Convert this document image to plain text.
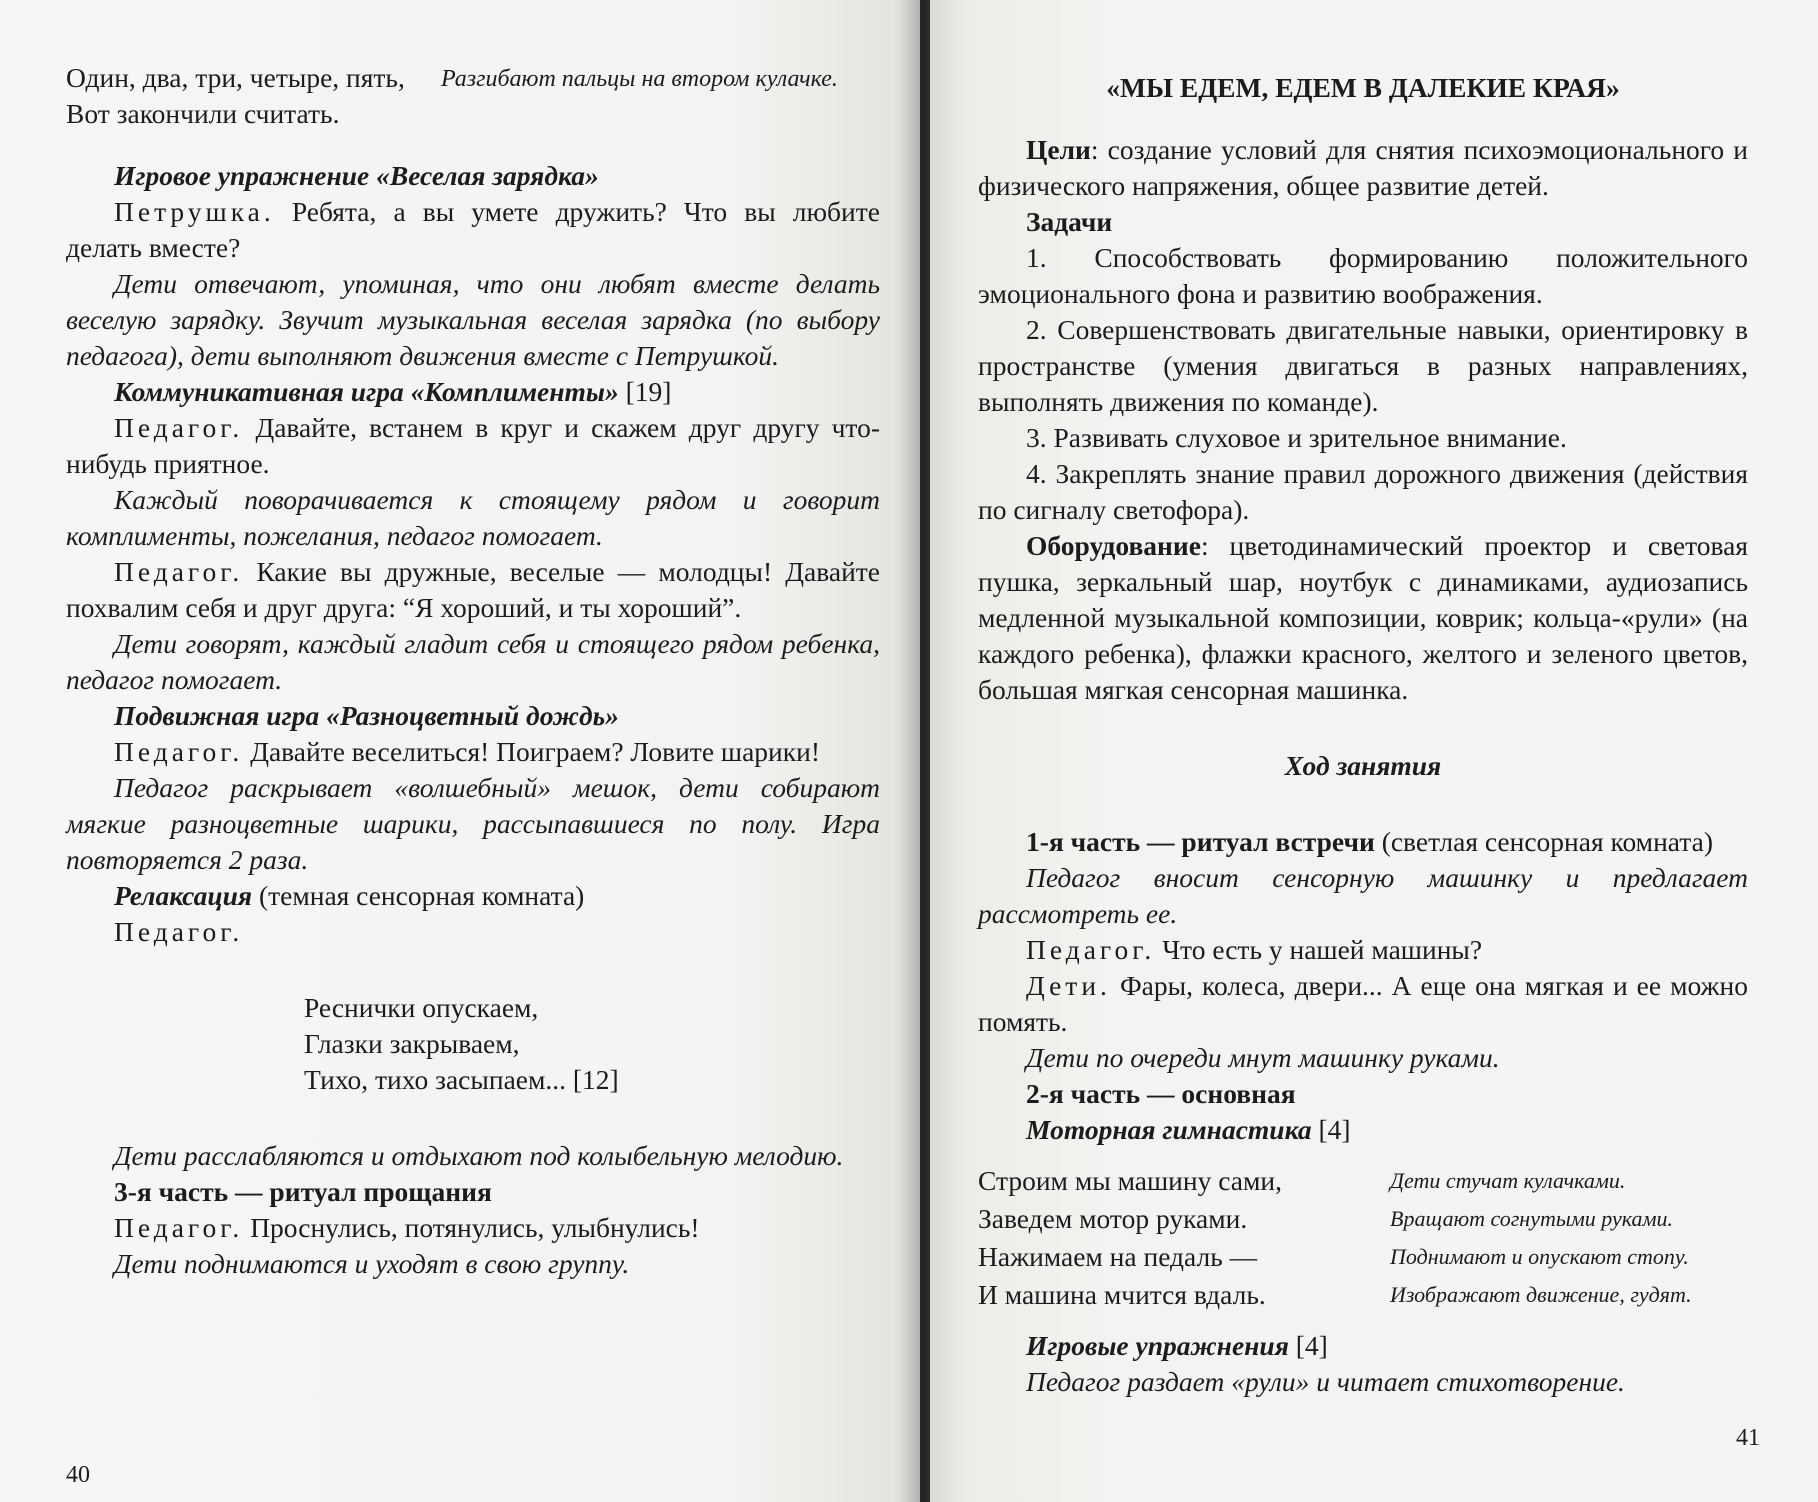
Один, два, три, четыре, пять,
Вот закончили считать.
Разгибают пальцы на втором кулачке.

Игровое упражнение «Веселая зарядка»

Петрушка. Ребята, а вы умете дружить? Что вы любите делать вместе?

Дети отвечают, упоминая, что они любят вместе делать веселую зарядку. Звучит музыкальная веселая зарядка (по выбору педагога), дети выполняют движения вместе с Петрушкой.

Коммуникативная игра «Комплименты» [19]

Педагог. Давайте, встанем в круг и скажем друг другу что-нибудь приятное.

Каждый поворачивается к стоящему рядом и говорит комплименты, пожелания, педагог помогает.

Педагог. Какие вы дружные, веселые — молодцы! Давайте похвалим себя и друг друга: “Я хороший, и ты хороший”.

Дети говорят, каждый гладит себя и стоящего рядом ребенка, педагог помогает.

Подвижная игра «Разноцветный дождь»

Педагог. Давайте веселиться! Поиграем? Ловите шарики!

Педагог раскрывает «волшебный» мешок, дети собирают мягкие разноцветные шарики, рассыпавшиеся по полу. Игра повторяется 2 раза.

Релаксация (темная сенсорная комната)

Педагог.

Реснички опускаем,
Глазки закрываем,
Тихо, тихо засыпаем... [12]

Дети расслабляются и отдыхают под колыбельную мелодию.

3-я часть — ритуал прощания

Педагог. Проснулись, потянулись, улыбнулись!

Дети поднимаются и уходят в свою группу.

40
«МЫ ЕДЕМ, ЕДЕМ В ДАЛЕКИЕ КРАЯ»

Цели: создание условий для снятия психоэмоционального и физического напряжения, общее развитие детей.

Задачи

1. Способствовать формированию положительного эмоционального фона и развитию воображения.

2. Совершенствовать двигательные навыки, ориентировку в пространстве (умения двигаться в разных направлениях, выполнять движения по команде).

3. Развивать слуховое и зрительное внимание.

4. Закреплять знание правил дорожного движения (действия по сигналу светофора).

Оборудование: цветодинамический проектор и световая пушка, зеркальный шар, ноутбук с динамиками, аудиозапись медленной музыкальной композиции, коврик; кольца-«рули» (на каждого ребенка), флажки красного, желтого и зеленого цветов, большая мягкая сенсорная машинка.

Ход занятия

1-я часть — ритуал встречи (светлая сенсорная комната)

Педагог вносит сенсорную машинку и предлагает рассмотреть ее.

Педагог. Что есть у нашей машины?

Дети. Фары, колеса, двери... А еще она мягкая и ее можно помять.

Дети по очереди мнут машинку руками.

2-я часть — основная

Моторная гимнастика [4]

Строим мы машину сами,	Дети стучат кулачками.
Заведем мотор руками.	Вращают согнутыми руками.
Нажимаем на педаль —	Поднимают и опускают стопу.
И машина мчится вдаль.	Изображают движение, гудят.

Игровые упражнения [4]

Педагог раздает «рули» и читает стихотворение.

41
